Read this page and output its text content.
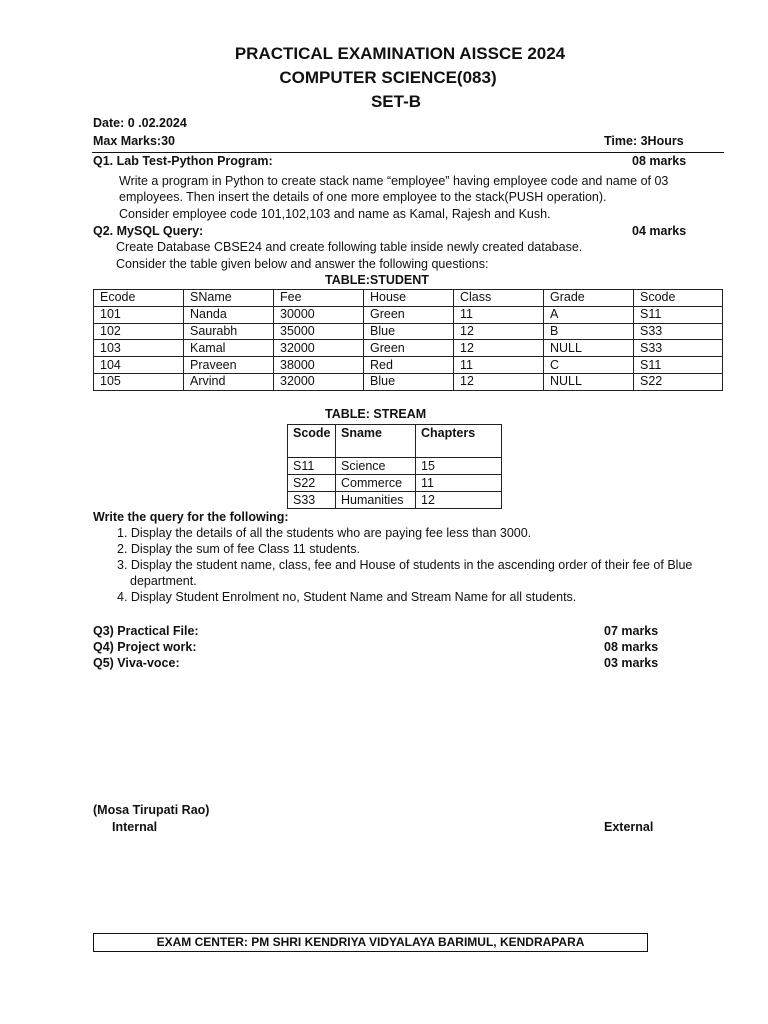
PRACTICAL EXAMINATION AISSCE 2024
COMPUTER SCIENCE(083)
SET-B
Date: 0 .02.2024
Max Marks:30	Time: 3Hours
Q1. Lab Test-Python Program:	08 marks
Write a program in Python to create stack name “employee” having employee code and name of 03
employees. Then insert the details of one more employee to the stack(PUSH operation).
Consider employee code 101,102,103 and name as Kamal, Rajesh and Kush.
Q2. MySQL Query:	04 marks
Create Database CBSE24 and create following table inside newly created database.
Consider the table given below and answer the following questions:
TABLE:STUDENT
Ecode	SName	Fee	House	Class	Grade	Scode
101	Nanda	30000	Green	11	A	S11
102	Saurabh	35000	Blue	12	B	S33
103	Kamal	32000	Green	12	NULL	S33
104	Praveen	38000	Red	11	C	S11
105	Arvind	32000	Blue	12	NULL	S22
TABLE: STREAM
Scode	Sname	Chapters
S11	Science	15
S22	Commerce	11
S33	Humanities	12
Write the query for the following:
1. Display the details of all the students who are paying fee less than 3000.
2. Display the sum of fee Class 11 students.
3. Display the student name, class, fee and House of students in the ascending order of their fee of Blue
department.
4. Display Student Enrolment no, Student Name and Stream Name for all students.
Q3) Practical File:	07 marks
Q4) Project work:	08 marks
Q5) Viva-voce:	03 marks
(Mosa Tirupati Rao)
Internal	External
EXAM CENTER: PM SHRI KENDRIYA VIDYALAYA BARIMUL, KENDRAPARA
